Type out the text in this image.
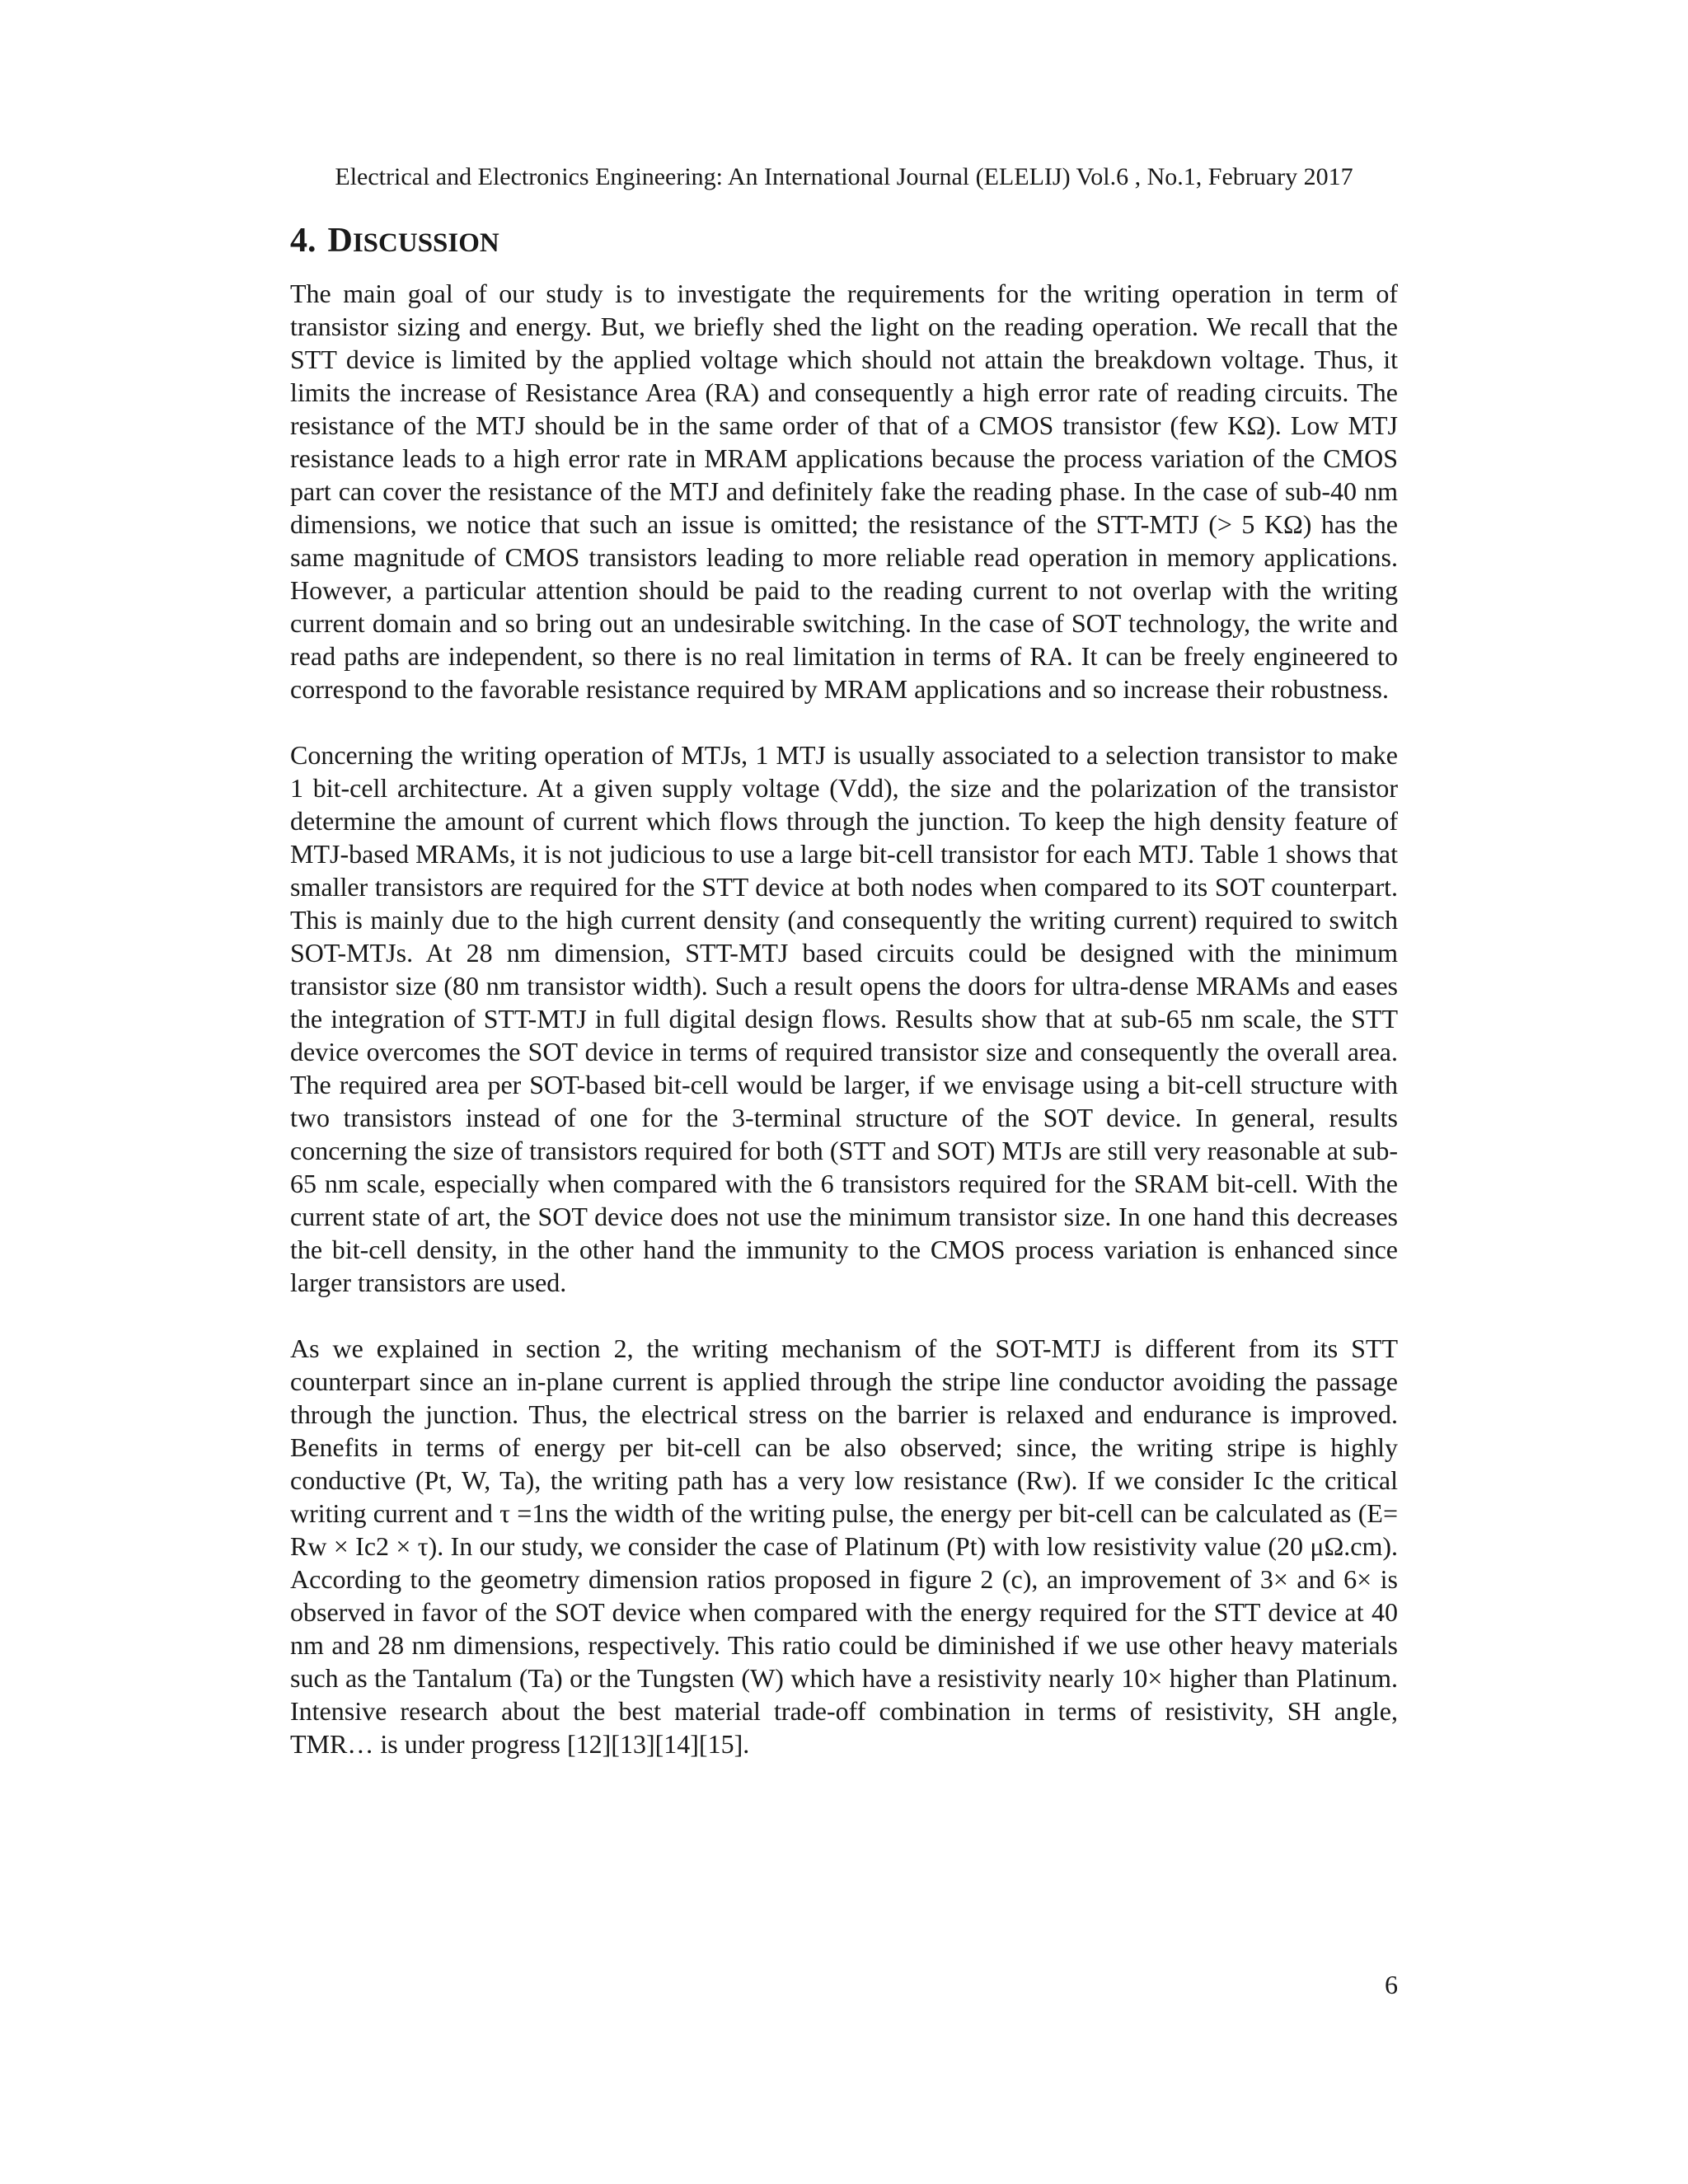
Electrical and Electronics Engineering: An International Journal (ELELIJ) Vol.6 , No.1, February 2017
4. DISCUSSION

The main goal of our study is to investigate the requirements for the writing operation in term of transistor sizing and energy. But, we briefly shed the light on the reading operation. We recall that the STT device is limited by the applied voltage which should not attain the breakdown voltage. Thus, it limits the increase of Resistance Area (RA) and consequently a high error rate of reading circuits. The resistance of the MTJ should be in the same order of that of a CMOS transistor (few KΩ). Low MTJ resistance leads to a high error rate in MRAM applications because the process variation of the CMOS part can cover the resistance of the MTJ and definitely fake the reading phase. In the case of sub-40 nm dimensions, we notice that such an issue is omitted; the resistance of the STT-MTJ (> 5 KΩ) has the same magnitude of CMOS transistors leading to more reliable read operation in memory applications. However, a particular attention should be paid to the reading current to not overlap with the writing current domain and so bring out an undesirable switching. In the case of SOT technology, the write and read paths are independent, so there is no real limitation in terms of RA. It can be freely engineered to correspond to the favorable resistance required by MRAM applications and so increase their robustness.

Concerning the writing operation of MTJs, 1 MTJ is usually associated to a selection transistor to make 1 bit-cell architecture. At a given supply voltage (Vdd), the size and the polarization of the transistor determine the amount of current which flows through the junction. To keep the high density feature of MTJ-based MRAMs, it is not judicious to use a large bit-cell transistor for each MTJ. Table 1 shows that smaller transistors are required for the STT device at both nodes when compared to its SOT counterpart. This is mainly due to the high current density (and consequently the writing current) required to switch SOT-MTJs. At 28 nm dimension, STT-MTJ based circuits could be designed with the minimum transistor size (80 nm transistor width). Such a result opens the doors for ultra-dense MRAMs and eases the integration of STT-MTJ in full digital design flows. Results show that at sub-65 nm scale, the STT device overcomes the SOT device in terms of required transistor size and consequently the overall area. The required area per SOT-based bit-cell would be larger, if we envisage using a bit-cell structure with two transistors instead of one for the 3-terminal structure of the SOT device. In general, results concerning the size of transistors required for both (STT and SOT) MTJs are still very reasonable at sub-65 nm scale, especially when compared with the 6 transistors required for the SRAM bit-cell. With the current state of art, the SOT device does not use the minimum transistor size. In one hand this decreases the bit-cell density, in the other hand the immunity to the CMOS process variation is enhanced since larger transistors are used.

As we explained in section 2, the writing mechanism of the SOT-MTJ is different from its STT counterpart since an in-plane current is applied through the stripe line conductor avoiding the passage through the junction. Thus, the electrical stress on the barrier is relaxed and endurance is improved. Benefits in terms of energy per bit-cell can be also observed; since, the writing stripe is highly conductive (Pt, W, Ta), the writing path has a very low resistance (Rw). If we consider Ic the critical writing current and τ =1ns the width of the writing pulse, the energy per bit-cell can be calculated as (E= Rw × Ic2 × τ). In our study, we consider the case of Platinum (Pt) with low resistivity value (20 μΩ.cm). According to the geometry dimension ratios proposed in figure 2 (c), an improvement of 3× and 6× is observed in favor of the SOT device when compared with the energy required for the STT device at 40 nm and 28 nm dimensions, respectively. This ratio could be diminished if we use other heavy materials such as the Tantalum (Ta) or the Tungsten (W) which have a resistivity nearly 10× higher than Platinum. Intensive research about the best material trade-off combination in terms of resistivity, SH angle, TMR… is under progress [12][13][14][15].

6
